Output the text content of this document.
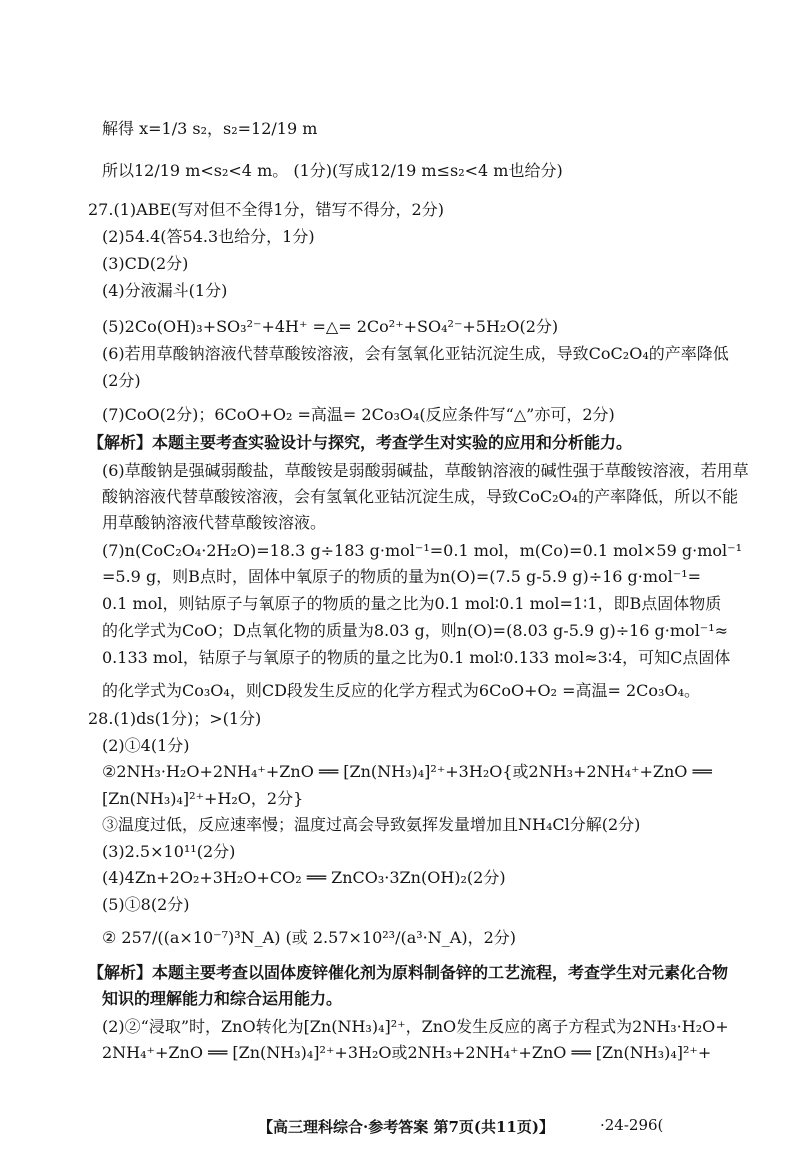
解得 x=1/3 s₂，s₂=12/19 m
所以12/19 m<s₂<4 m。 (1分)(写成12/19 m≤s₂<4 m也给分)
27.(1)ABE(写对但不全得1分，错写不得分，2分)
(2)54.4(答54.3也给分，1分)
(3)CD(2分)
(4)分液漏斗(1分)
(5)2Co(OH)₃+SO₃²⁻+4H⁺ =△= 2Co²⁺+SO₄²⁻+5H₂O(2分)
(6)若用草酸钠溶液代替草酸铵溶液，会有氢氧化亚钴沉淀生成，导致CoC₂O₄的产率降低
(2分)
(7)CoO(2分)；6CoO+O₂ =高温= 2Co₃O₄(反应条件写“△”亦可，2分)
【解析】本题主要考查实验设计与探究，考查学生对实验的应用和分析能力。
(6)草酸钠是强碱弱酸盐，草酸铵是弱酸弱碱盐，草酸钠溶液的碱性强于草酸铵溶液，若用草
酸钠溶液代替草酸铵溶液，会有氢氧化亚钴沉淀生成，导致CoC₂O₄的产率降低，所以不能
用草酸钠溶液代替草酸铵溶液。
(7)n(CoC₂O₄·2H₂O)=18.3 g÷183 g·mol⁻¹=0.1 mol，m(Co)=0.1 mol×59 g·mol⁻¹
=5.9 g，则B点时，固体中氧原子的物质的量为n(O)=(7.5 g-5.9 g)÷16 g·mol⁻¹=
0.1 mol，则钴原子与氧原子的物质的量之比为0.1 mol∶0.1 mol=1∶1，即B点固体物质
的化学式为CoO；D点氧化物的质量为8.03 g，则n(O)=(8.03 g-5.9 g)÷16 g·mol⁻¹≈
0.133 mol，钴原子与氧原子的物质的量之比为0.1 mol∶0.133 mol≈3∶4，可知C点固体
的化学式为Co₃O₄，则CD段发生反应的化学方程式为6CoO+O₂ =高温= 2Co₃O₄。
28.(1)ds(1分)；>(1分)
(2)①4(1分)
②2NH₃·H₂O+2NH₄⁺+ZnO ══ [Zn(NH₃)₄]²⁺+3H₂O{或2NH₃+2NH₄⁺+ZnO ══
[Zn(NH₃)₄]²⁺+H₂O，2分}
③温度过低，反应速率慢；温度过高会导致氨挥发量增加且NH₄Cl分解(2分)
(3)2.5×10¹¹(2分)
(4)4Zn+2O₂+3H₂O+CO₂ ══ ZnCO₃·3Zn(OH)₂(2分)
(5)①8(2分)
② 257/((a×10⁻⁷)³N_A) (或 2.57×10²³/(a³·N_A)，2分)
【解析】本题主要考查以固体废锌催化剂为原料制备锌的工艺流程，考查学生对元素化合物
知识的理解能力和综合运用能力。
(2)②“浸取”时，ZnO转化为[Zn(NH₃)₄]²⁺，ZnO发生反应的离子方程式为2NH₃·H₂O+
2NH₄⁺+ZnO ══ [Zn(NH₃)₄]²⁺+3H₂O或2NH₃+2NH₄⁺+ZnO ══ [Zn(NH₃)₄]²⁺+
【高三理科综合·参考答案 第7页(共11页)】	·24-296(
